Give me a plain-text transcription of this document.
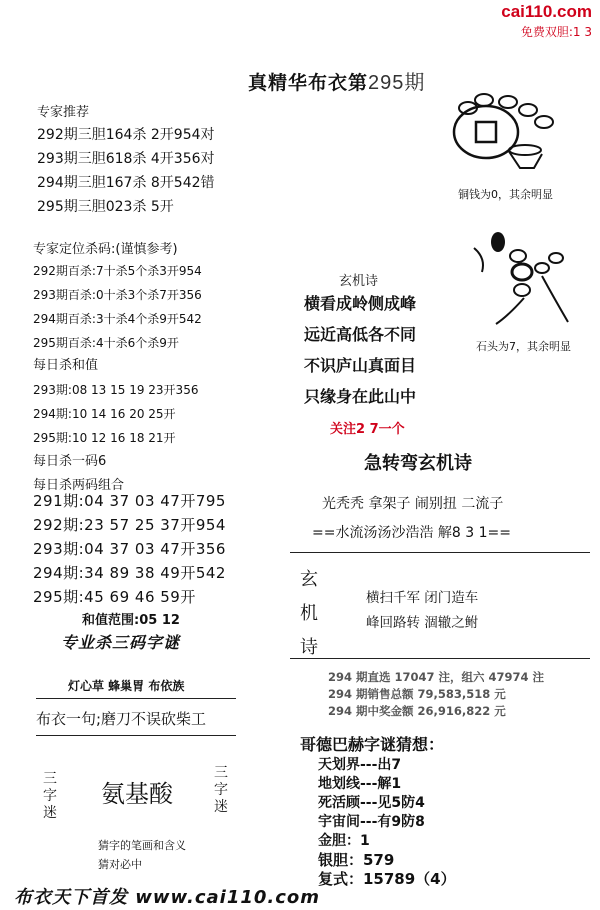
cai110.com
免费双胆:1 3
真精华布衣第295期
专家推荐
292期三胆164杀 2开954对
293期三胆618杀 4开356对
294期三胆167杀 8开542错
295期三胆023杀 5开
专家定位杀码:(谨慎参考)
292期百杀:7十杀5个杀3开954
293期百杀:0十杀3个杀7开356
294期百杀:3十杀4个杀9开542
295期百杀:4十杀6个杀9开
每日杀和值
293期:08 13 15 19 23开356
294期:10 14 16 20 25开
295期:10 12 16 18 21开
每日杀一码6
每日杀两码组合
291期:04 37 03 47开795
292期:23 57 25 37开954
293期:04 37 03 47开356
294期:34 89 38 49开542
295期:45 69 46 59开
和值范围:05 12
专业杀三码字谜
灯心草 蜂巢胃 布依族
布衣一句;磨刀不误砍柴工
三字迷
氨基酸
三字迷
猜字的笔画和含义
猜对必中
铜钱为0，其余明显
石头为7，其余明显
玄机诗
横看成岭侧成峰
远近高低各不同
不识庐山真面目
只缘身在此山中
关注2 7一个
急转弯玄机诗
光秃秃 拿架子 闹别扭 二流子
==水流汤汤沙浩浩 解8 3 1==
玄机诗
横扫千军 闭门造车
峰回路转 涸辙之鲋
294 期直选 17047 注，组六 47974 注
294 期销售总额 79,583,518 元
294 期中奖金额 26,916,822 元
哥德巴赫字谜猜想：
天划界---出7
地划线---解1
死活顾---见5防4
宇宙间---有9防8
金胆：1
银胆：579
复式：15789（4）
布衣天下首发 www.cai110.com
